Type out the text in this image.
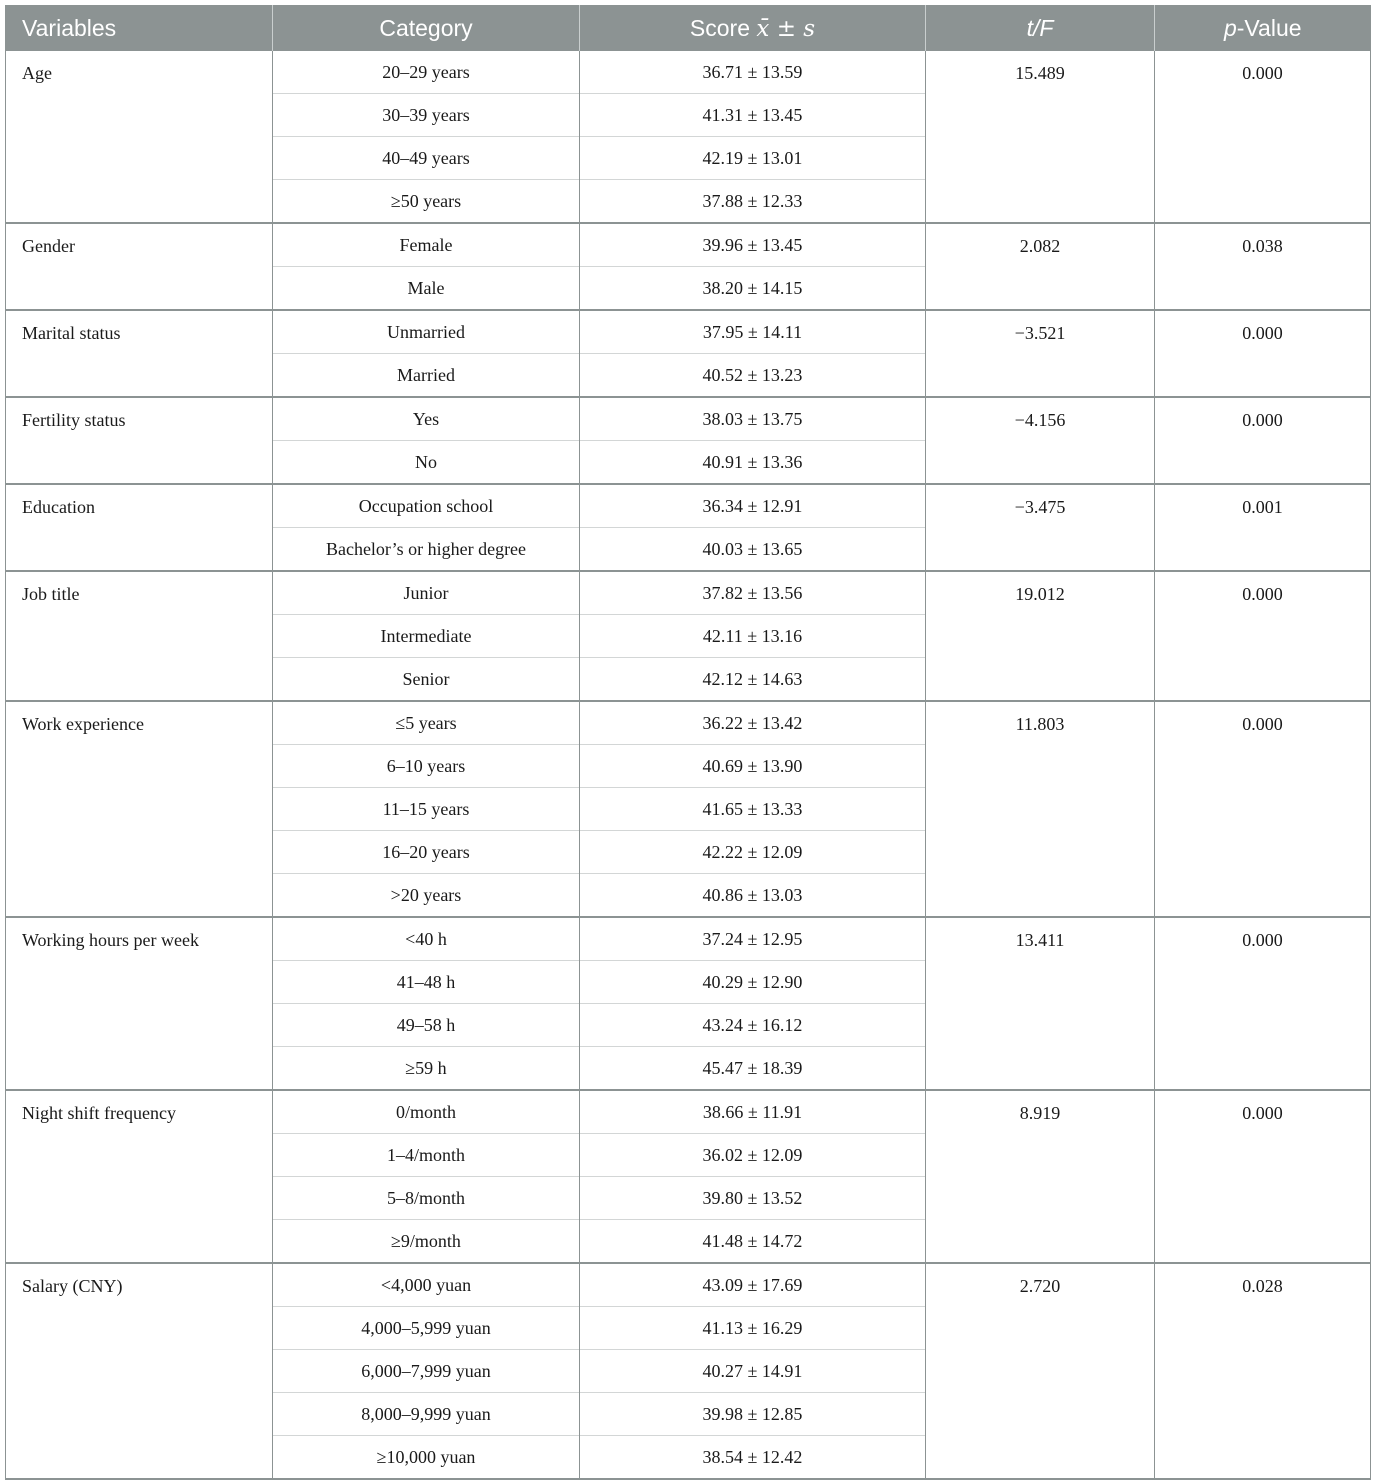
Variables	Category	Score x̄ ± s	t/F	p-Value
Age	20–29 years	36.71 ± 13.59	15.489	0.000
	30–39 years	41.31 ± 13.45		
	40–49 years	42.19 ± 13.01		
	≥50 years	37.88 ± 12.33		
Gender	Female	39.96 ± 13.45	2.082	0.038
	Male	38.20 ± 14.15		
Marital status	Unmarried	37.95 ± 14.11	−3.521	0.000
	Married	40.52 ± 13.23		
Fertility status	Yes	38.03 ± 13.75	−4.156	0.000
	No	40.91 ± 13.36		
Education	Occupation school	36.34 ± 12.91	−3.475	0.001
	Bachelor’s or higher degree	40.03 ± 13.65		
Job title	Junior	37.82 ± 13.56	19.012	0.000
	Intermediate	42.11 ± 13.16		
	Senior	42.12 ± 14.63		
Work experience	≤5 years	36.22 ± 13.42	11.803	0.000
	6–10 years	40.69 ± 13.90		
	11–15 years	41.65 ± 13.33		
	16–20 years	42.22 ± 12.09		
	>20 years	40.86 ± 13.03		
Working hours per week	<40 h	37.24 ± 12.95	13.411	0.000
	41–48 h	40.29 ± 12.90		
	49–58 h	43.24 ± 16.12		
	≥59 h	45.47 ± 18.39		
Night shift frequency	0/month	38.66 ± 11.91	8.919	0.000
	1–4/month	36.02 ± 12.09		
	5–8/month	39.80 ± 13.52		
	≥9/month	41.48 ± 14.72		
Salary (CNY)	<4,000 yuan	43.09 ± 17.69	2.720	0.028
	4,000–5,999 yuan	41.13 ± 16.29		
	6,000–7,999 yuan	40.27 ± 14.91		
	8,000–9,999 yuan	39.98 ± 12.85		
	≥10,000 yuan	38.54 ± 12.42		
